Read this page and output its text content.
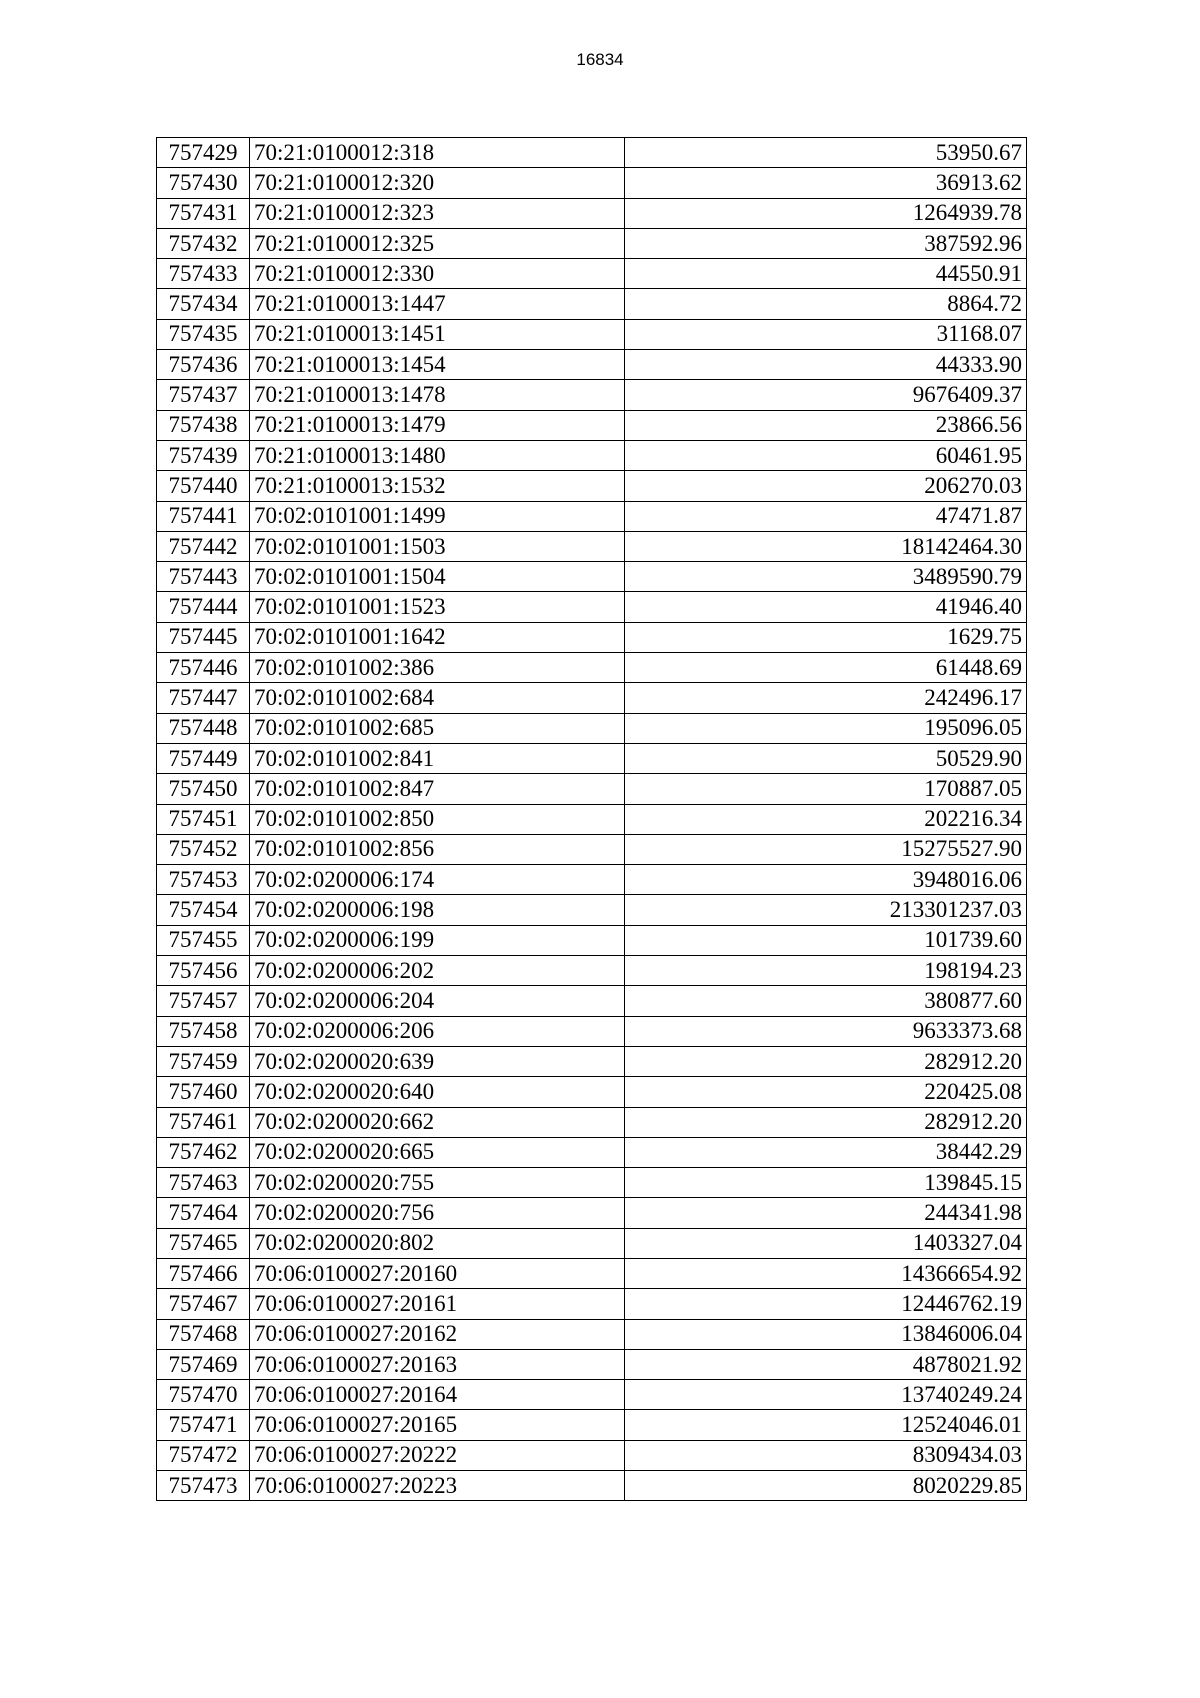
16834
757429	70:21:0100012:318	53950.67
757430	70:21:0100012:320	36913.62
757431	70:21:0100012:323	1264939.78
757432	70:21:0100012:325	387592.96
757433	70:21:0100012:330	44550.91
757434	70:21:0100013:1447	8864.72
757435	70:21:0100013:1451	31168.07
757436	70:21:0100013:1454	44333.90
757437	70:21:0100013:1478	9676409.37
757438	70:21:0100013:1479	23866.56
757439	70:21:0100013:1480	60461.95
757440	70:21:0100013:1532	206270.03
757441	70:02:0101001:1499	47471.87
757442	70:02:0101001:1503	18142464.30
757443	70:02:0101001:1504	3489590.79
757444	70:02:0101001:1523	41946.40
757445	70:02:0101001:1642	1629.75
757446	70:02:0101002:386	61448.69
757447	70:02:0101002:684	242496.17
757448	70:02:0101002:685	195096.05
757449	70:02:0101002:841	50529.90
757450	70:02:0101002:847	170887.05
757451	70:02:0101002:850	202216.34
757452	70:02:0101002:856	15275527.90
757453	70:02:0200006:174	3948016.06
757454	70:02:0200006:198	213301237.03
757455	70:02:0200006:199	101739.60
757456	70:02:0200006:202	198194.23
757457	70:02:0200006:204	380877.60
757458	70:02:0200006:206	9633373.68
757459	70:02:0200020:639	282912.20
757460	70:02:0200020:640	220425.08
757461	70:02:0200020:662	282912.20
757462	70:02:0200020:665	38442.29
757463	70:02:0200020:755	139845.15
757464	70:02:0200020:756	244341.98
757465	70:02:0200020:802	1403327.04
757466	70:06:0100027:20160	14366654.92
757467	70:06:0100027:20161	12446762.19
757468	70:06:0100027:20162	13846006.04
757469	70:06:0100027:20163	4878021.92
757470	70:06:0100027:20164	13740249.24
757471	70:06:0100027:20165	12524046.01
757472	70:06:0100027:20222	8309434.03
757473	70:06:0100027:20223	8020229.85
